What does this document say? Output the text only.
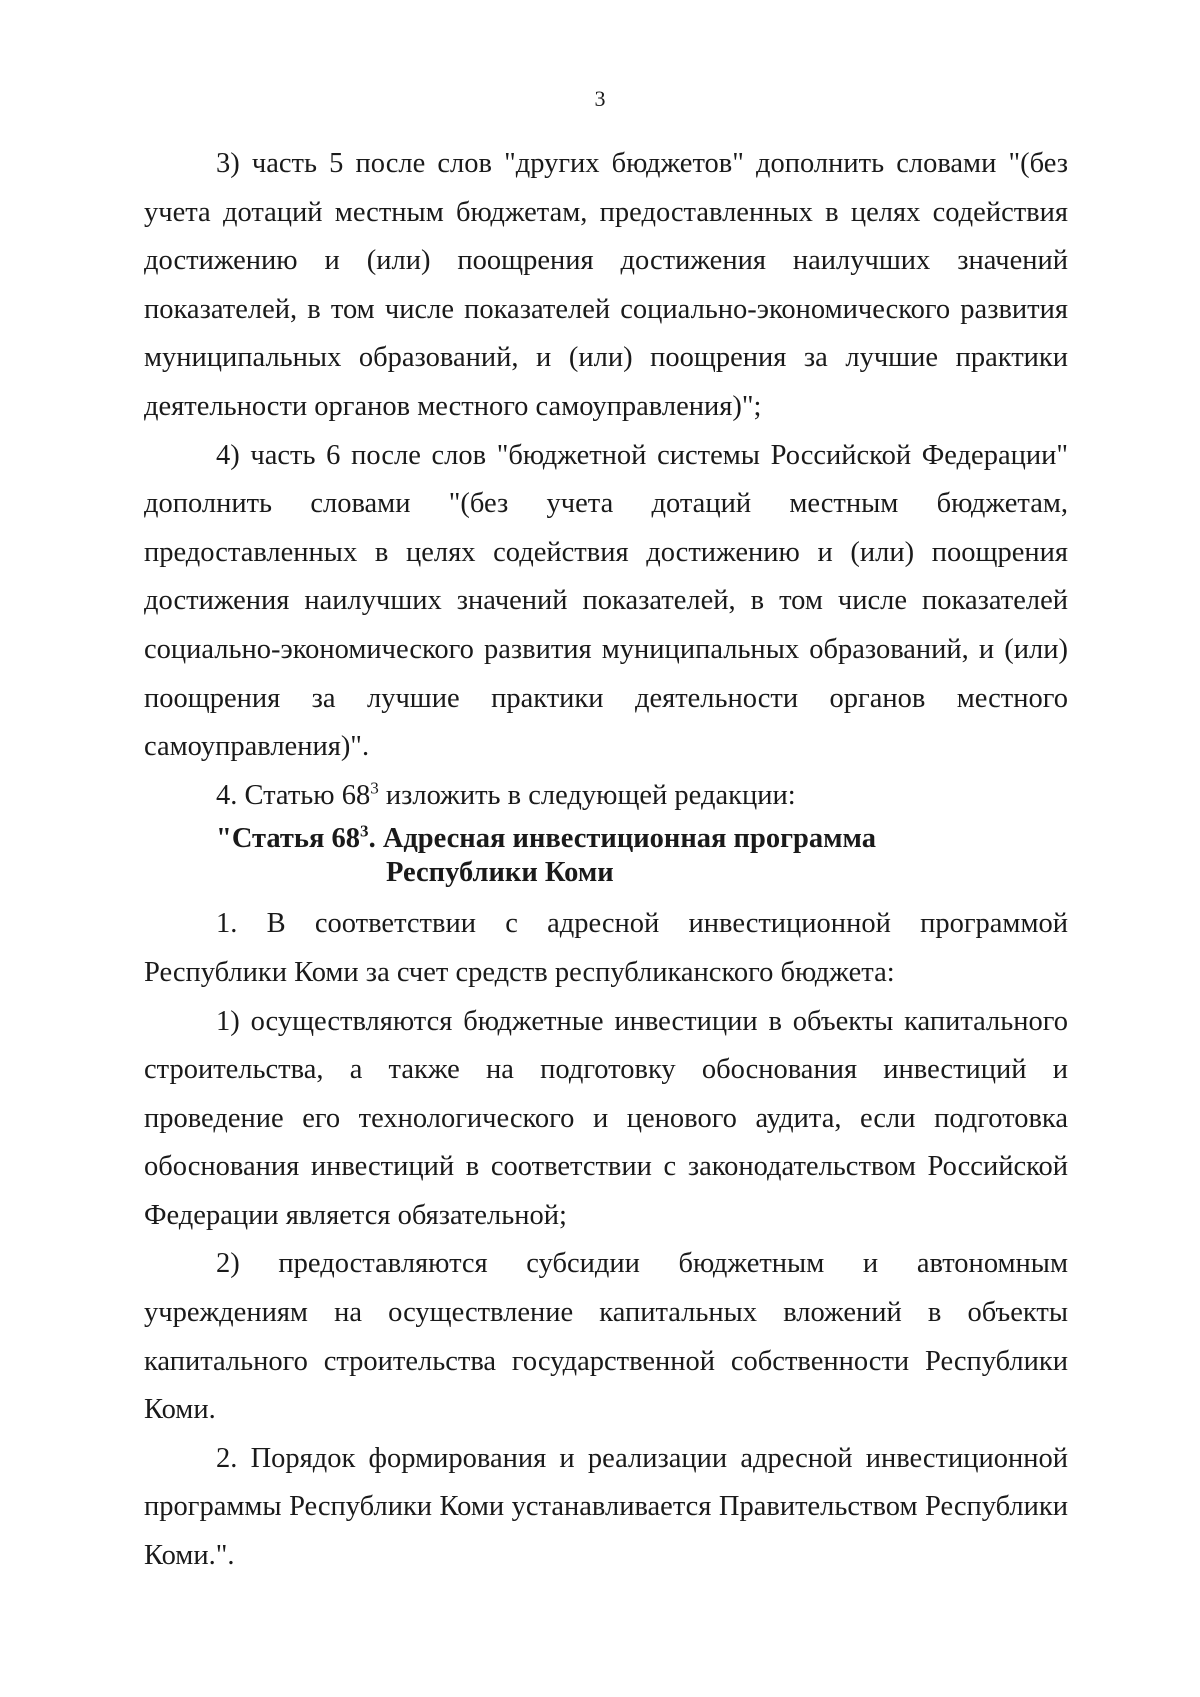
3

3) часть 5 после слов "других бюджетов" дополнить словами "(без учета дотаций местным бюджетам, предоставленных в целях содействия достижению и (или) поощрения достижения наилучших значений показателей, в том числе показателей социально-экономического развития муниципальных образований, и (или) поощрения за лучшие практики деятельности органов местного самоуправления)";

4) часть 6 после слов "бюджетной системы Российской Федерации" дополнить словами "(без учета дотаций местным бюджетам, предоставленных в целях содействия достижению и (или) поощрения достижения наилучших значений показателей, в том числе показателей социально-экономического развития муниципальных образований, и (или) поощрения за лучшие практики деятельности органов местного самоуправления)".

4. Статью $68^3$ изложить в следующей редакции:

"Статья $68^3$. Адресная инвестиционная программа
Республики Коми

1. В соответствии с адресной инвестиционной программой Республики Коми за счет средств республиканского бюджета:

1) осуществляются бюджетные инвестиции в объекты капитального строительства, а также на подготовку обоснования инвестиций и проведение его технологического и ценового аудита, если подготовка обоснования инвестиций в соответствии с законодательством Российской Федерации является обязательной;

2) предоставляются субсидии бюджетным и автономным учреждениям на осуществление капитальных вложений в объекты капитального строительства государственной собственности Республики Коми.

2. Порядок формирования и реализации адресной инвестиционной программы Республики Коми устанавливается Правительством Республики Коми.".
